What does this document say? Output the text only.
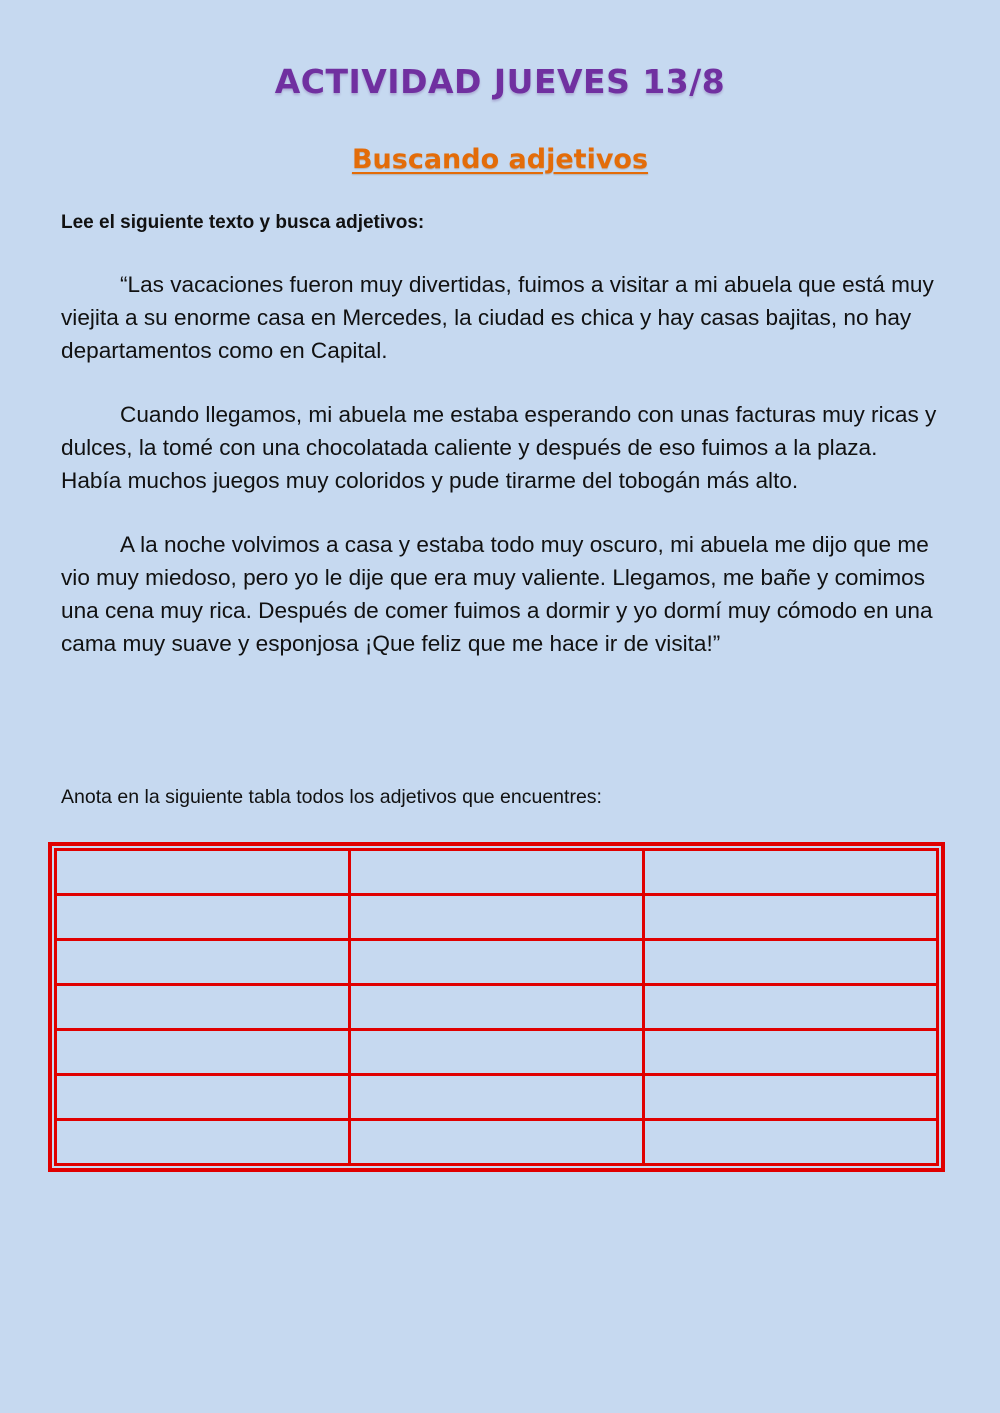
ACTIVIDAD JUEVES 13/8
Buscando adjetivos

Lee el siguiente texto y busca adjetivos:

“Las vacaciones fueron muy divertidas, fuimos a visitar a mi abuela que está muy viejita a su enorme casa en Mercedes, la ciudad es chica y hay casas bajitas, no hay departamentos como en Capital.

Cuando llegamos, mi abuela me estaba esperando con unas facturas muy ricas y dulces, la tomé con una chocolatada caliente y después de eso fuimos a la plaza. Había muchos juegos muy coloridos y pude tirarme del tobogán más alto.

A la noche volvimos a casa y estaba todo muy oscuro, mi abuela me dijo que me vio muy miedoso, pero yo le dije que era muy valiente. Llegamos, me bañe y comimos una cena muy rica. Después de comer fuimos a dormir y yo dormí muy cómodo en una cama muy suave y esponjosa ¡Que feliz que me hace ir de visita!”

Anota en la siguiente tabla todos los adjetivos que encuentres:
